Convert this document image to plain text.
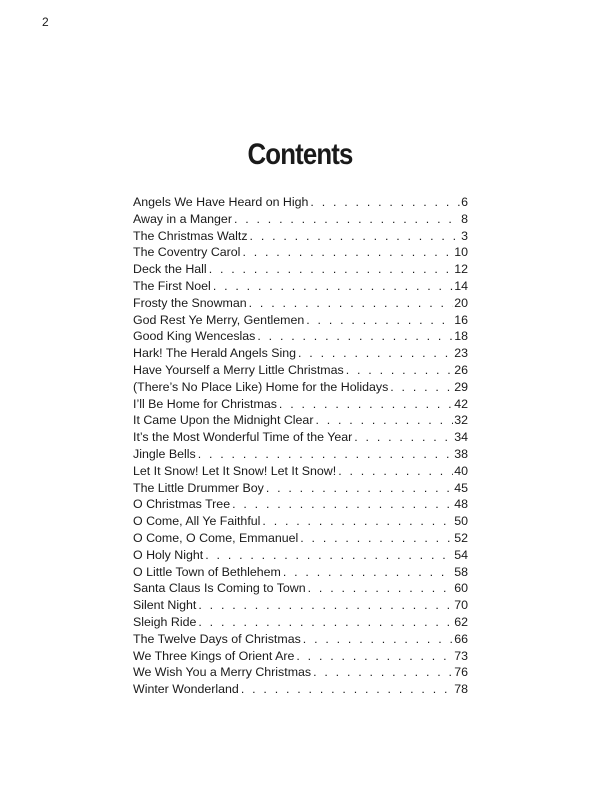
2
Contents
Angels We Have Heard on High . . .	6
Away in a Manger . . .	8
The Christmas Waltz . . .	3
The Coventry Carol . . .	10
Deck the Hall . . .	12
The First Noel . . .	14
Frosty the Snowman . . .	20
God Rest Ye Merry, Gentlemen . . .	16
Good King Wenceslas . . .	18
Hark! The Herald Angels Sing . . .	23
Have Yourself a Merry Little Christmas . . .	26
(There’s No Place Like) Home for the Holidays . . .	29
I’ll Be Home for Christmas . . .	42
It Came Upon the Midnight Clear . . .	32
It’s the Most Wonderful Time of the Year . . .	34
Jingle Bells . . .	38
Let It Snow! Let It Snow! Let It Snow! . . .	40
The Little Drummer Boy . . .	45
O Christmas Tree . . .	48
O Come, All Ye Faithful . . .	50
O Come, O Come, Emmanuel . . .	52
O Holy Night . . .	54
O Little Town of Bethlehem . . .	58
Santa Claus Is Coming to Town . . .	60
Silent Night . . .	70
Sleigh Ride . . .	62
The Twelve Days of Christmas . . .	66
We Three Kings of Orient Are . . .	73
We Wish You a Merry Christmas . . .	76
Winter Wonderland . . .	78
